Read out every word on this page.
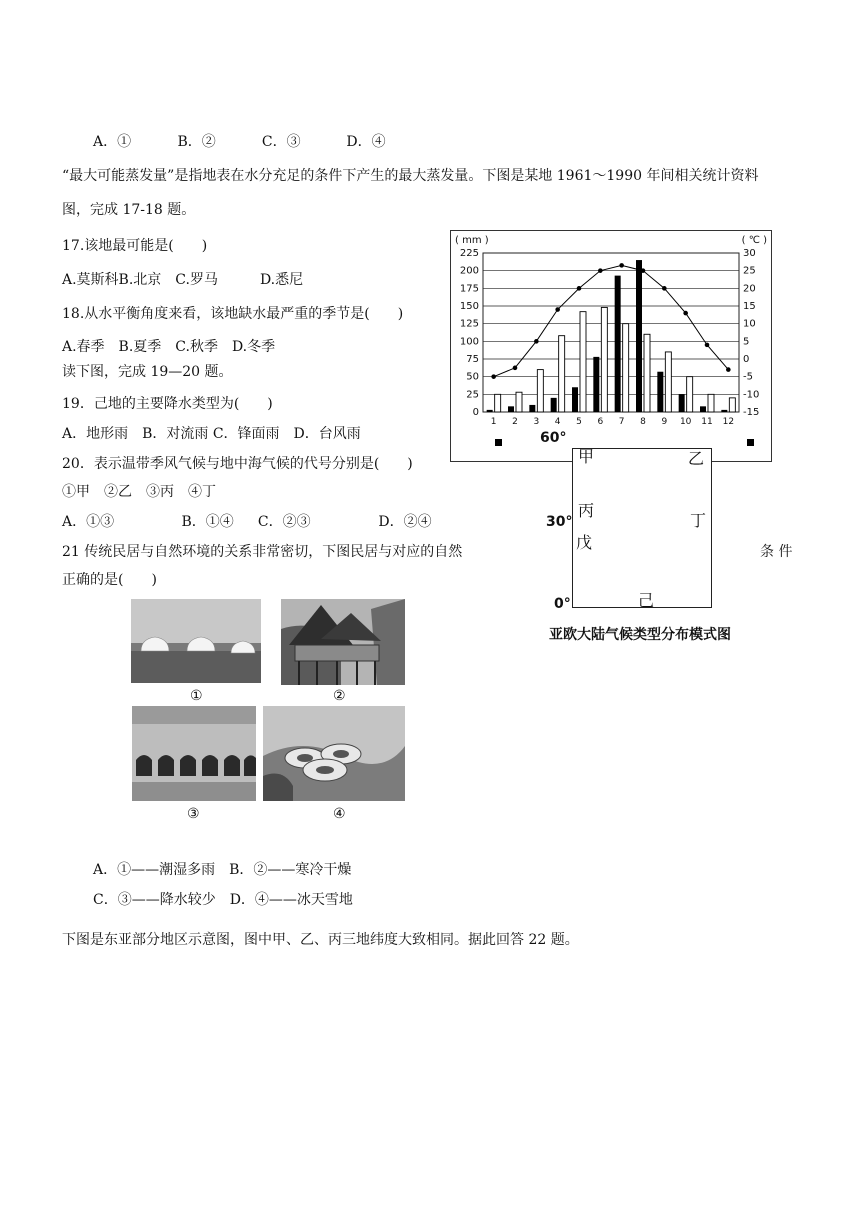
A．①	B．②	C．③	D．④
“最大可能蒸发量”是指地表在水分充足的条件下产生的最大蒸发量。下图是某地 1961～1990 年间相关统计资料
图，完成 17-18 题。
17.该地最可能是(　　)
A.莫斯科B.北京　C.罗马　　　D.悉尼
18.从水平衡角度来看，该地缺水最严重的季节是(　　)
A.春季　B.夏季　C.秋季　D.冬季
读下图，完成 19—20 题。
19．己地的主要降水类型为(　　)
A．地形雨　B．对流雨 C．锋面雨　D．台风雨
20．表示温带季风气候与地中海气候的代号分别是(　　)
①甲　②乙　③丙　④丁
A．①③	B．①④ C．②③	D．②④
21 传统民居与自然环境的关系非常密切，下图民居与对应的自然	条 件
正确的是(　　)
225
200
175
150
125
100
75
50
25
0
30
25
20
15
10
5
0
-5
-10
-15
( mm )	( ℃ )
1 2 3 4 5 6 7 8 9 10 11 12
60°
30°
0°
甲	乙
丙
丁
戊
己
亚欧大陆气候类型分布模式图
①	②
③	④
A．①——潮湿多雨　B．②——寒冷干燥
C．③——降水较少　D．④——冰天雪地
下图是东亚部分地区示意图，图中甲、乙、丙三地纬度大致相同。据此回答 22 题。
